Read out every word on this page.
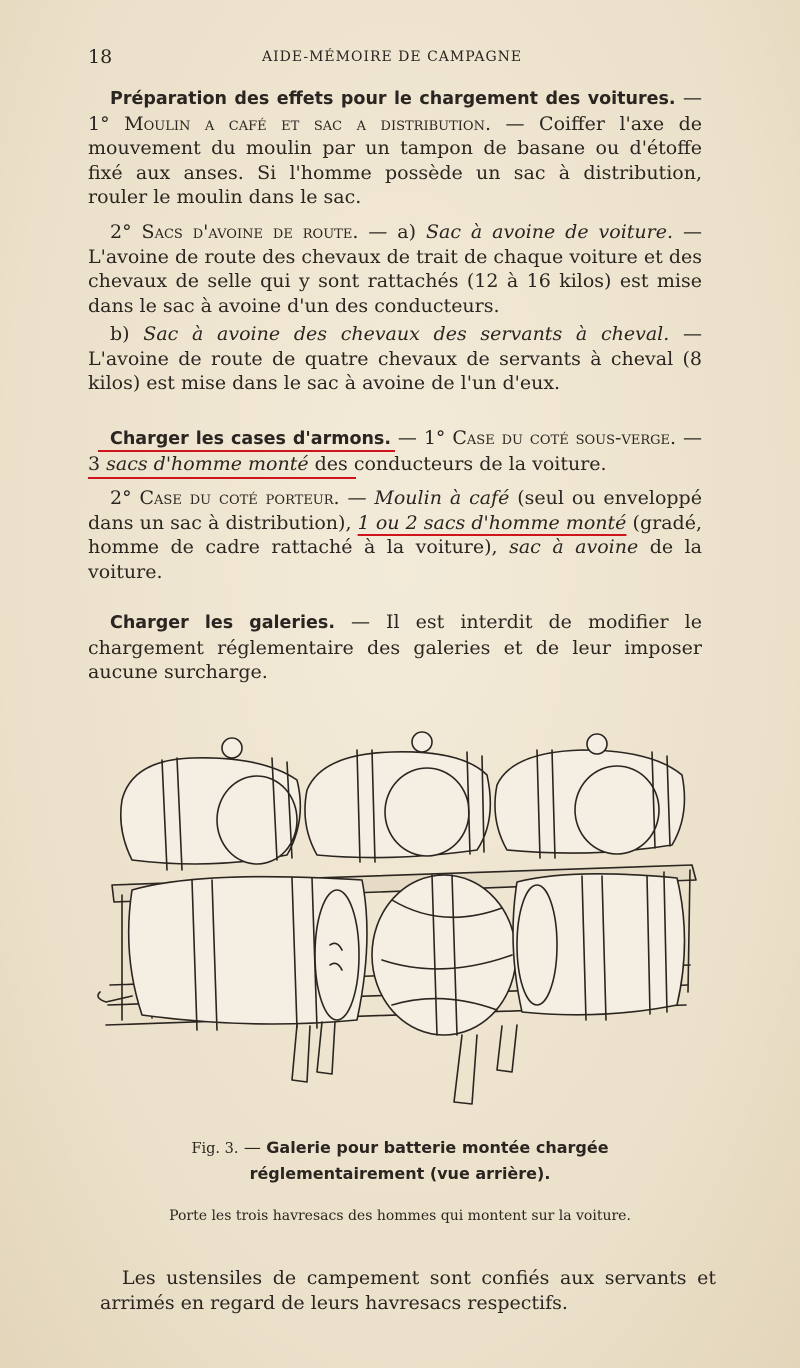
18	AIDE-MÉMOIRE DE CAMPAGNE

Préparation des effets pour le chargement des voitures. — 1° Moulin a café et sac a distribution. — Coiffer l'axe de mouvement du moulin par un tampon de basane ou d'étoffe fixé aux anses. Si l'homme possède un sac à distribution, rouler le moulin dans le sac.

2° Sacs d'avoine de route. — a) Sac à avoine de voiture. — L'avoine de route des chevaux de trait de chaque voiture et des chevaux de selle qui y sont rattachés (12 à 16 kilos) est mise dans le sac à avoine d'un des conducteurs.

b) Sac à avoine des chevaux des servants à cheval. — L'avoine de route de quatre chevaux de servants à cheval (8 kilos) est mise dans le sac à avoine de l'un d'eux.

Charger les cases d'armons. — 1° Case du coté sous-verge. — 3 sacs d'homme monté des conducteurs de la voiture.

2° Case du coté porteur. — Moulin à café (seul ou enveloppé dans un sac à distribution), 1 ou 2 sacs d'homme monté (gradé, homme de cadre rattaché à la voiture), sac à avoine de la voiture.

Charger les galeries. — Il est interdit de modifier le chargement réglementaire des galeries et de leur imposer aucune surcharge.

Fig. 3. — Galerie pour batterie montée chargée
réglementairement (vue arrière).
Porte les trois havresacs des hommes qui montent sur la voiture.

Les ustensiles de campement sont confiés aux servants et arrimés en regard de leurs havresacs respectifs.
